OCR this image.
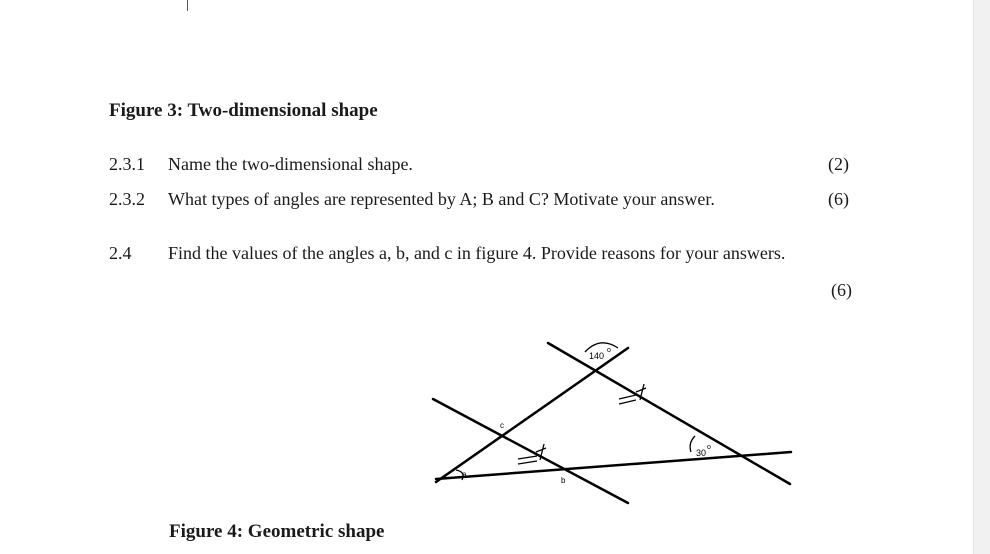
Figure 3: Two-dimensional shape
2.3.1 Name the two-dimensional shape.	(2)
2.3.2 What types of angles are represented by A; B and C? Motivate your answer.	(6)
2.4 Find the values of the angles a, b, and c in figure 4. Provide reasons for your answers.
(6)
140
o
30
o
a
b
c
Figure 4: Geometric shape
